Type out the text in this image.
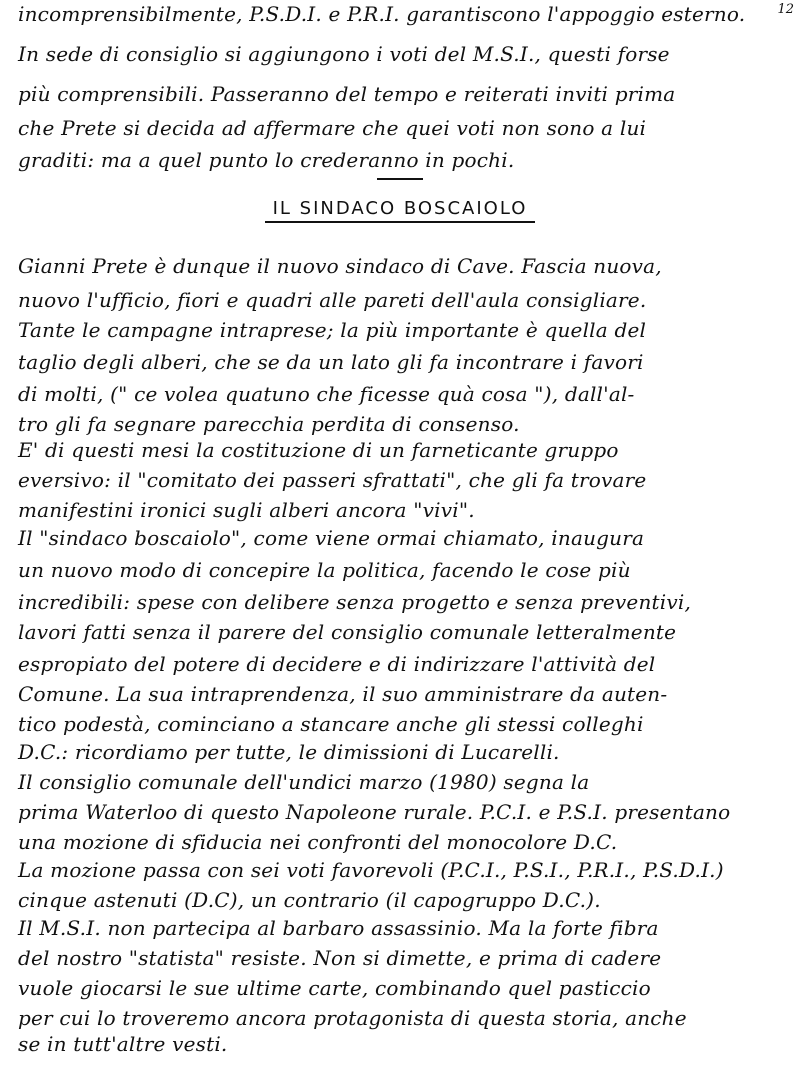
12
incomprensibilmente, P.S.D.I. e P.R.I. garantiscono l'appoggio esterno.
In sede di consiglio si aggiungono i voti del M.S.I., questi forse
più comprensibili. Passeranno del tempo e reiterati inviti prima
che Prete si decida ad affermare che quei voti non sono a lui
graditi: ma a quel punto lo crederanno in pochi.
IL SINDACO BOSCAIOLO
Gianni Prete è dunque il nuovo sindaco di Cave. Fascia nuova,
nuovo l'ufficio, fiori e quadri alle pareti dell'aula consigliare.
Tante le campagne intraprese; la più importante è quella del
taglio degli alberi, che se da un lato gli fa incontrare i favori
di molti, (" ce volea quatuno che ficesse quà cosa "), dall'al-
tro gli fa segnare parecchia perdita di consenso.
E' di questi mesi la costituzione di un farneticante gruppo
eversivo: il "comitato dei passeri sfrattati", che gli fa trovare
manifestini ironici sugli alberi ancora "vivi".
Il "sindaco boscaiolo", come viene ormai chiamato, inaugura
un nuovo modo di concepire la politica, facendo le cose più
incredibili: spese con delibere senza progetto e senza preventivi,
lavori fatti senza il parere del consiglio comunale letteralmente
espropiato del potere di decidere e di indirizzare l'attività del
Comune. La sua intraprendenza, il suo amministrare da auten-
tico podestà, cominciano a stancare anche gli stessi colleghi
D.C.: ricordiamo per tutte, le dimissioni di Lucarelli.
Il consiglio comunale dell'undici marzo (1980) segna la
prima Waterloo di questo Napoleone rurale. P.C.I. e P.S.I. presentano
una mozione di sfiducia nei confronti del monocolore D.C.
La mozione passa con sei voti favorevoli (P.C.I., P.S.I., P.R.I., P.S.D.I.)
cinque astenuti (D.C), un contrario (il capogruppo D.C.).
Il M.S.I. non partecipa al barbaro assassinio. Ma la forte fibra
del nostro "statista" resiste. Non si dimette, e prima di cadere
vuole giocarsi le sue ultime carte, combinando quel pasticcio
per cui lo troveremo ancora protagonista di questa storia, anche
se in tutt'altre vesti.
